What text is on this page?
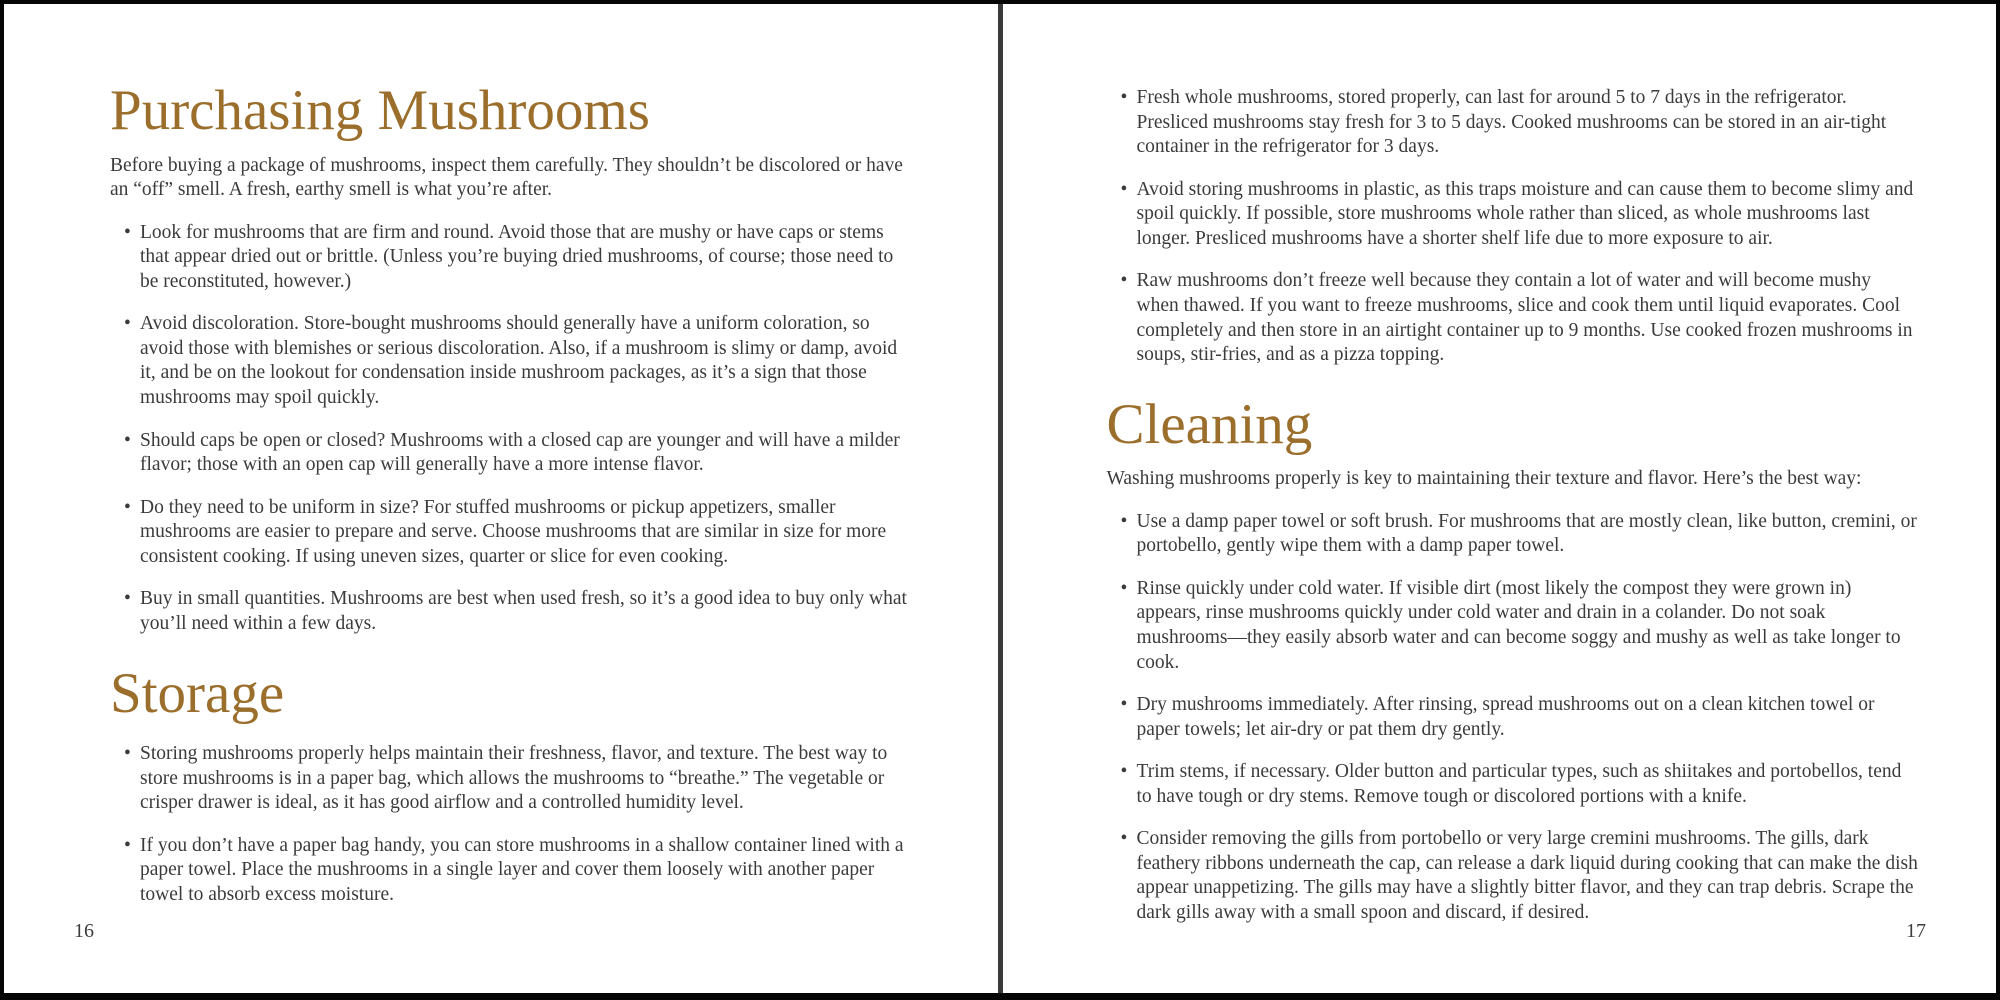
Purchasing Mushrooms

Before buying a package of mushrooms, inspect them carefully. They shouldn’t be discolored or have an “off” smell. A fresh, earthy smell is what you’re after.

• Look for mushrooms that are firm and round. Avoid those that are mushy or have caps or stems that appear dried out or brittle. (Unless you’re buying dried mushrooms, of course; those need to be reconstituted, however.)
• Avoid discoloration. Store-bought mushrooms should generally have a uniform coloration, so avoid those with blemishes or serious discoloration. Also, if a mushroom is slimy or damp, avoid it, and be on the lookout for condensation inside mushroom packages, as it’s a sign that those mushrooms may spoil quickly.
• Should caps be open or closed? Mushrooms with a closed cap are younger and will have a milder flavor; those with an open cap will generally have a more intense flavor.
• Do they need to be uniform in size? For stuffed mushrooms or pickup appetizers, smaller mushrooms are easier to prepare and serve. Choose mushrooms that are similar in size for more consistent cooking. If using uneven sizes, quarter or slice for even cooking.
• Buy in small quantities. Mushrooms are best when used fresh, so it’s a good idea to buy only what you’ll need within a few days.
Storage
• Storing mushrooms properly helps maintain their freshness, flavor, and texture. The best way to store mushrooms is in a paper bag, which allows the mushrooms to “breathe.” The vegetable or crisper drawer is ideal, as it has good airflow and a controlled humidity level.
• If you don’t have a paper bag handy, you can store mushrooms in a shallow container lined with a paper towel. Place the mushrooms in a single layer and cover them loosely with another paper towel to absorb excess moisture.
16
• Fresh whole mushrooms, stored properly, can last for around 5 to 7 days in the refrigerator. Presliced mushrooms stay fresh for 3 to 5 days. Cooked mushrooms can be stored in an air-tight container in the refrigerator for 3 days.
• Avoid storing mushrooms in plastic, as this traps moisture and can cause them to become slimy and spoil quickly. If possible, store mushrooms whole rather than sliced, as whole mushrooms last longer. Presliced mushrooms have a shorter shelf life due to more exposure to air.
• Raw mushrooms don’t freeze well because they contain a lot of water and will become mushy when thawed. If you want to freeze mushrooms, slice and cook them until liquid evaporates. Cool completely and then store in an airtight container up to 9 months. Use cooked frozen mushrooms in soups, stir-fries, and as a pizza topping.
Cleaning

Washing mushrooms properly is key to maintaining their texture and flavor. Here’s the best way:

• Use a damp paper towel or soft brush. For mushrooms that are mostly clean, like button, cremini, or portobello, gently wipe them with a damp paper towel.
• Rinse quickly under cold water. If visible dirt (most likely the compost they were grown in) appears, rinse mushrooms quickly under cold water and drain in a colander. Do not soak mushrooms—they easily absorb water and can become soggy and mushy as well as take longer to cook.
• Dry mushrooms immediately. After rinsing, spread mushrooms out on a clean kitchen towel or paper towels; let air-dry or pat them dry gently.
• Trim stems, if necessary. Older button and particular types, such as shiitakes and portobellos, tend to have tough or dry stems. Remove tough or discolored portions with a knife.
• Consider removing the gills from portobello or very large cremini mushrooms. The gills, dark feathery ribbons underneath the cap, can release a dark liquid during cooking that can make the dish appear unappetizing. The gills may have a slightly bitter flavor, and they can trap debris. Scrape the dark gills away with a small spoon and discard, if desired.
17
